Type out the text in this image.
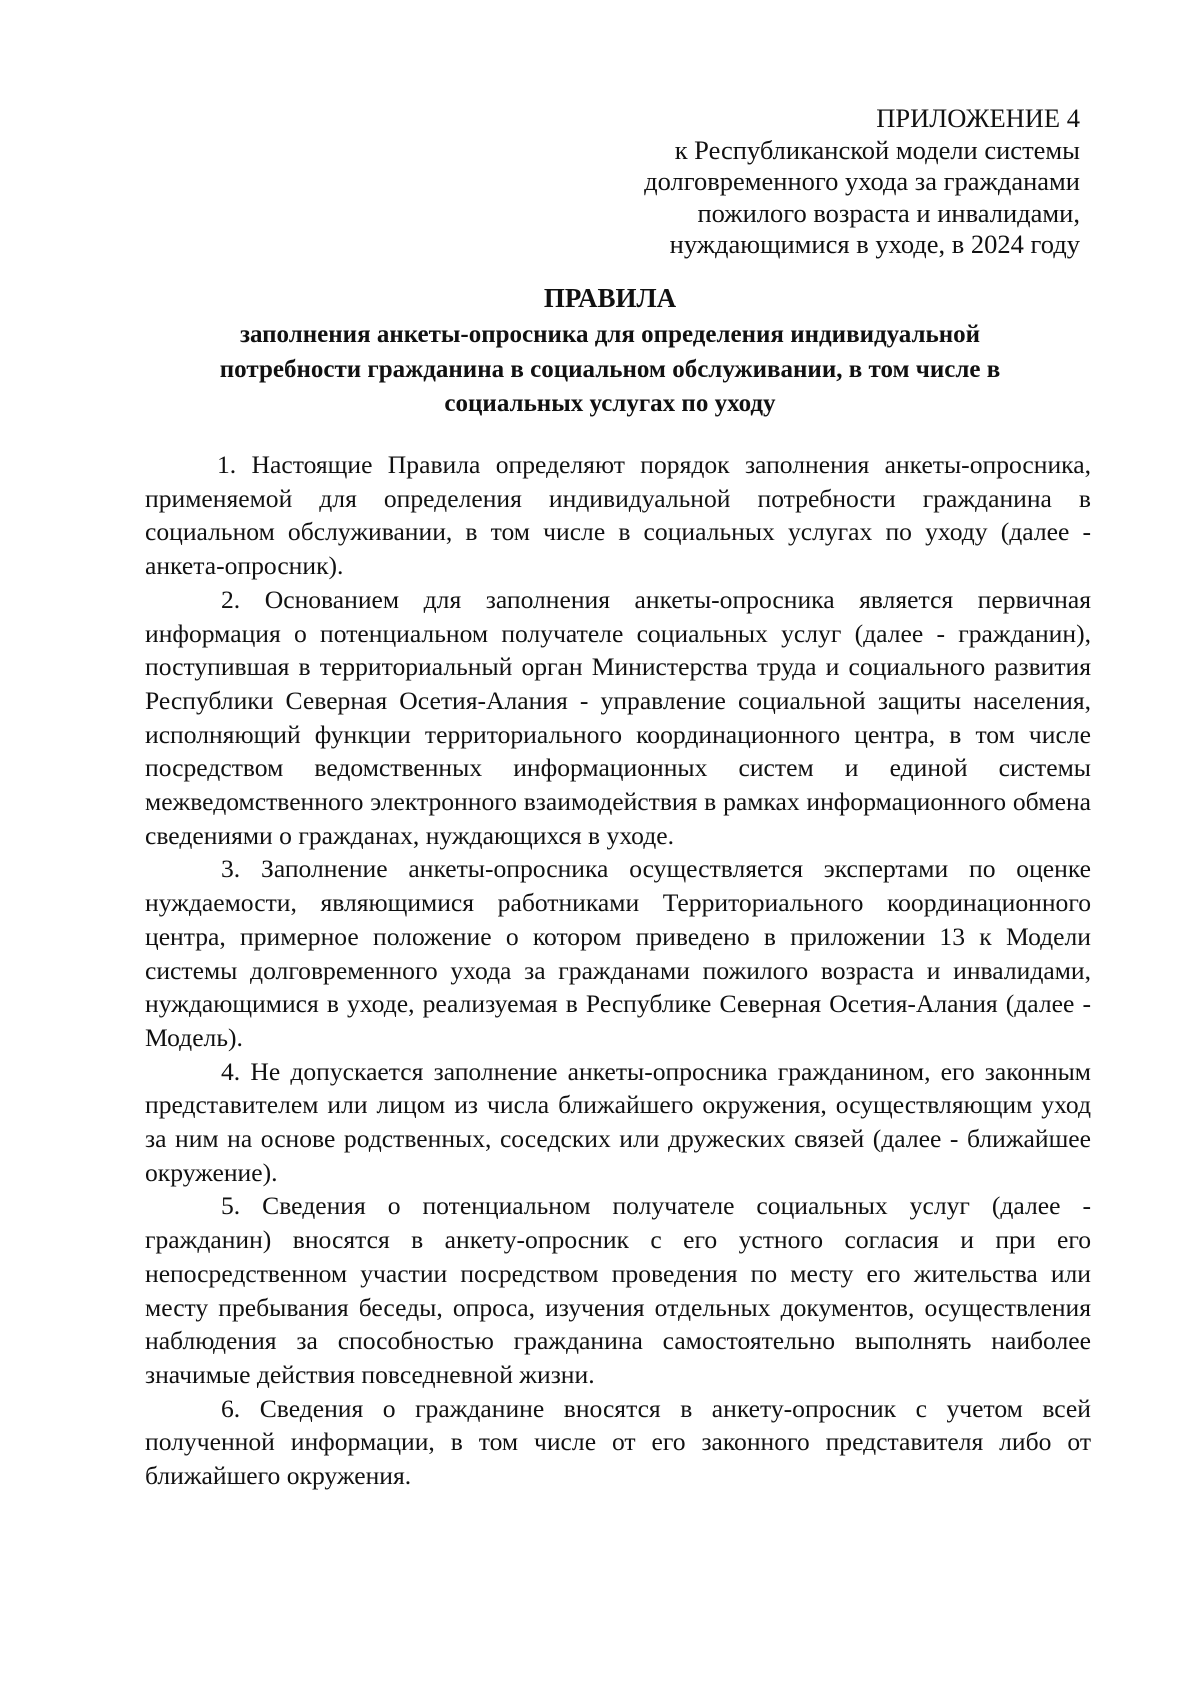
ПРИЛОЖЕНИЕ 4
к Республиканской модели системы
долговременного ухода за гражданами
пожилого возраста и инвалидами,
нуждающимися в уходе, в 2024 году
ПРАВИЛА
заполнения анкеты-опросника для определения индивидуальной
потребности гражданина в социальном обслуживании, в том числе в
социальных услугах по уходу

1. Настоящие Правила определяют порядок заполнения анкеты-опросника, применяемой для определения индивидуальной потребности гражданина в социальном обслуживании, в том числе в социальных услугах по уходу (далее - анкета-опросник).

2. Основанием для заполнения анкеты-опросника является первичная информация о потенциальном получателе социальных услуг (далее - гражданин), поступившая в территориальный орган Министерства труда и социального развития Республики Северная Осетия-Алания - управление социальной защиты населения, исполняющий функции территориального координационного центра, в том числе посредством ведомственных информационных систем и единой системы межведомственного электронного взаимодействия в рамках информационного обмена сведениями о гражданах, нуждающихся в уходе.

3. Заполнение анкеты-опросника осуществляется экспертами по оценке нуждаемости, являющимися работниками Территориального координационного центра, примерное положение о котором приведено в приложении 13 к Модели системы долговременного ухода за гражданами пожилого возраста и инвалидами, нуждающимися в уходе, реализуемая в Республике Северная Осетия-Алания (далее - Модель).

4. Не допускается заполнение анкеты-опросника гражданином, его законным представителем или лицом из числа ближайшего окружения, осуществляющим уход за ним на основе родственных, соседских или дружеских связей (далее - ближайшее окружение).

5. Сведения о потенциальном получателе социальных услуг (далее - гражданин) вносятся в анкету-опросник с его устного согласия и при его непосредственном участии посредством проведения по месту его жительства или месту пребывания беседы, опроса, изучения отдельных документов, осуществления наблюдения за способностью гражданина самостоятельно выполнять наиболее значимые действия повседневной жизни.

6. Сведения о гражданине вносятся в анкету-опросник с учетом всей полученной информации, в том числе от его законного представителя либо от ближайшего окружения.
